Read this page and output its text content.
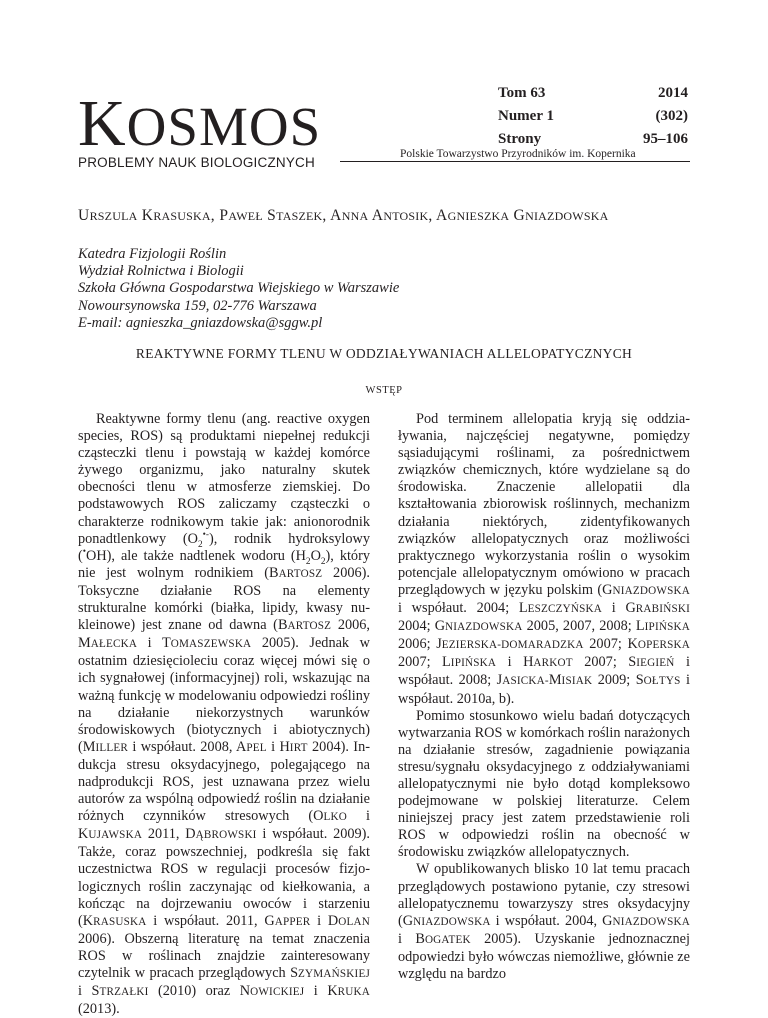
KOSMOS
PROBLEMY NAUK BIOLOGICZNYCH
Tom 63	2014
Numer 1	(302)
Strony	95–106
Polskie Towarzystwo Przyrodników im. Kopernika
URSZULA KRASUSKA, PAWEŁ STASZEK, ANNA ANTOSIK, AGNIESZKA GNIAZDOWSKA
Katedra Fizjologii Roślin
Wydział Rolnictwa i Biologii
Szkoła Główna Gospodarstwa Wiejskiego w Warszawie
Nowoursynowska 159, 02-776 Warszawa
E-mail: agnieszka_gniazdowska@sggw.pl
REAKTYWNE FORMY TLENU W ODDZIAŁYWANIACH ALLELOPATYCZNYCH
WSTĘP

Reaktywne formy tlenu (ang. reactive oxygen species, ROS) są produktami niepełnej redukcji cząsteczki tlenu i powstają w każdej komórce żywego organizmu, jako naturalny skutek obecności tlenu w atmosferze ziemskiej. Do podstawowych ROS zaliczamy cząsteczki o charakterze rodnikowym takie jak: anionorodnik ponadtlenkowy $(O_2^{•-})$, rodnik hydroksylowy (•OH), ale także nadtlenek wodoru $(H_2O_2)$, który nie jest wolnym rodnikiem (BARTOSZ 2006). Toksyczne działanie ROS na elementy strukturalne komórki (białka, lipidy, kwasy nukleinowe) jest znane od dawna (BARTOSZ 2006, MAŁECKA i TOMASZEWSKA 2005). Jednak w ostatnim dziesięcioleciu coraz więcej mówi się o ich sygnałowej (informacyjnej) roli, wskazując na ważną funkcję w modelowaniu odpowiedzi rośliny na działanie niekorzystnych warunków środowiskowych (biotycznych i abiotycznych) (MILLER i współaut. 2008, APEL i HIRT 2004). Indukcja stresu oksydacyjnego, polegającego na nadprodukcji ROS, jest uznawana przez wielu autorów za wspólną odpowiedź roślin na działanie różnych czynników stresowych (OLKO i KUJAWSKA 2011, DĄBROWSKI i współaut. 2009). Także, coraz powszechniej, podkreśla się fakt uczestnictwa ROS w regulacji procesów fizjologicznych roślin zaczynając od kiełkowania, a kończąc na dojrzewaniu owoców i starzeniu (KRASUSKA i współaut. 2011, GAPPER i DOLAN 2006). Obszerną literaturę na temat znaczenia ROS w roślinach znajdzie zainteresowany czytelnik w pracach przeglądowych SZYMAŃSKIEJ i STRZAŁKI (2010) oraz NOWICKIEJ i KRUKA (2013).

Pod terminem allelopatia kryją się oddziaływania, najczęściej negatywne, pomiędzy sąsiadującymi roślinami, za pośrednictwem związków chemicznych, które wydzielane są do środowiska. Znaczenie allelopatii dla kształtowania zbiorowisk roślinnych, mechanizm działania niektórych, zidentyfikowanych związków allelopatycznych oraz możliwości praktycznego wykorzystania roślin o wysokim potencjale allelopatycznym omówiono w pracach przeglądowych w języku polskim (GNIAZDOWSKA i współaut. 2004; LESZCZYŃSKA i GRABIŃSKI 2004; GNIAZDOWSKA 2005, 2007, 2008; LIPIŃSKA 2006; JEZIERSKA-DOMARADZKA 2007; KOPERSKA 2007; LIPIŃSKA i HARKOT 2007; SIEGIEŃ i współaut. 2008; JASICKA-MISIAK 2009; SOŁTYS i współaut. 2010a, b).

Pomimo stosunkowo wielu badań dotyczących wytwarzania ROS w komórkach roślin narażonych na działanie stresów, zagadnienie powiązania stresu/sygnału oksydacyjnego z oddziaływaniami allelopatycznymi nie było dotąd kompleksowo podejmowane w polskiej literaturze. Celem niniejszej pracy jest zatem przedstawienie roli ROS w odpowiedzi roślin na obecność w środowisku związków allelopatycznych.

W opublikowanych blisko 10 lat temu pracach przeglądowych postawiono pytanie, czy stresowi allelopatycznemu towarzyszy stres oksydacyjny (GNIAZDOWSKA i współaut. 2004, GNIAZDOWSKA i BOGATEK 2005). Uzyskanie jednoznacznej odpowiedzi było wówczas niemożliwe, głównie ze względu na bardzo
